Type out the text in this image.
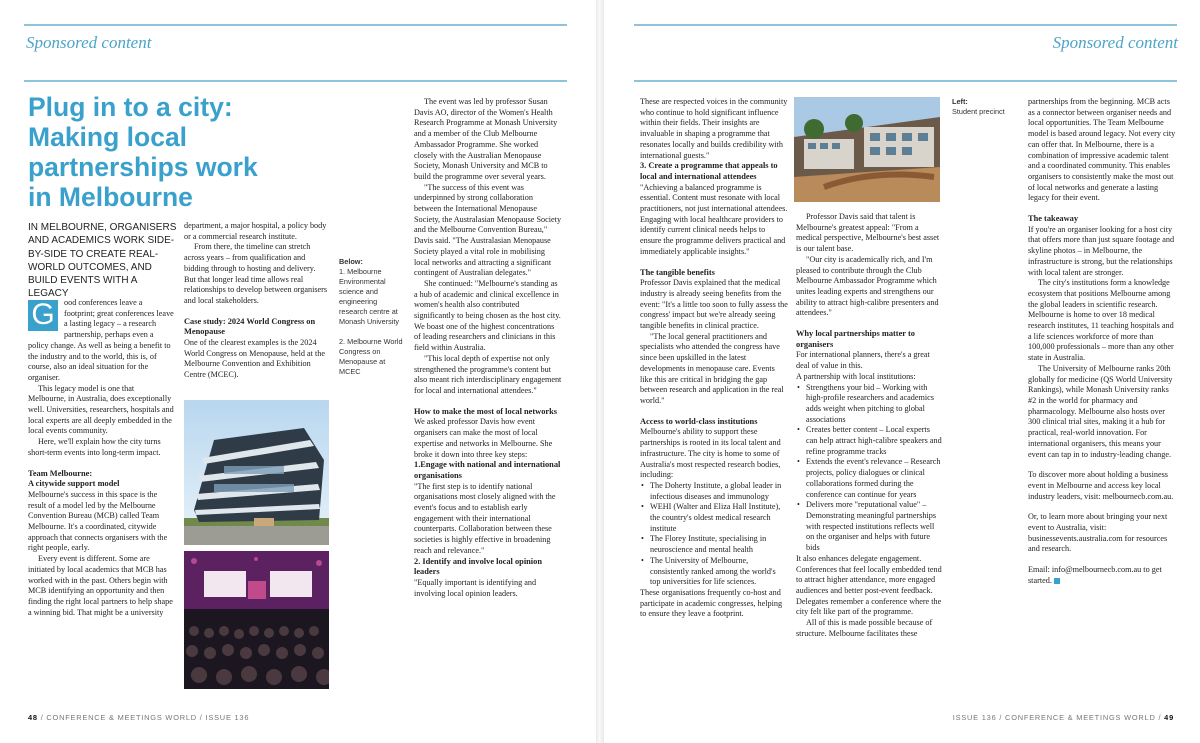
Sponsored content
Plug in to a city: Making local partnerships work in Melbourne
IN MELBOURNE, ORGANISERS AND ACADEMICS WORK SIDE-BY-SIDE TO CREATE REAL-WORLD OUTCOMES, AND BUILD EVENTS WITH A LEGACY

G	ood conferences leave a footprint; great conferences leave a lasting legacy – a research partnership, perhaps even a policy change. As well as being a benefit to the industry and to the world, this is, of course, also an ideal situation for the organiser.

This legacy model is one that Melbourne, in Australia, does exceptionally well. Universities, researchers, hospitals and local experts are all deeply embedded in the local events community.

Here, we'll explain how the city turns short-term events into long-term impact.

Team Melbourne:
A citywide support model

Melbourne's success in this space is the result of a model led by the Melbourne Convention Bureau (MCB) called Team Melbourne. It's a coordinated, citywide approach that connects organisers with the right people, early.

Every event is different. Some are initiated by local academics that MCB has worked with in the past. Others begin with MCB identifying an opportunity and then finding the right local partners to help shape a winning bid. That might be a university

department, a major hospital, a policy body or a commercial research institute.

From there, the timeline can stretch across years – from qualification and bidding through to hosting and delivery. But that longer lead time allows real relationships to develop between organisers and local stakeholders.

Case study: 2024 World Congress on Menopause

One of the clearest examples is the 2024 World Congress on Menopause, held at the Melbourne Convention and Exhibition Centre (MCEC).

Below:
1. Melbourne Environmental science and engineering research centre at Monash University

2. Melbourne World Congress on Menopause at MCEC

The event was led by professor Susan Davis AO, director of the Women's Health Research Programme at Monash University and a member of the Club Melbourne Ambassador Programme. She worked closely with the Australian Menopause Society, Monash University and MCB to build the programme over several years.

"The success of this event was underpinned by strong collaboration between the International Menopause Society, the Australasian Menopause Society and the Melbourne Convention Bureau," Davis said. "The Australasian Menopause Society played a vital role in mobilising local networks and attracting a significant contingent of Australian delegates."

She continued: "Melbourne's standing as a hub of academic and clinical excellence in women's health also contributed significantly to being chosen as the host city. We boast one of the highest concentrations of leading researchers and clinicians in this field within Australia.

"This local depth of expertise not only strengthened the programme's content but also meant rich interdisciplinary engagement for local and international attendees."

How to make the most of local networks

We asked professor Davis how event organisers can make the most of local expertise and networks in Melbourne. She broke it down into three key steps:

1.Engage with national and international organisations

"The first step is to identify national organisations most closely aligned with the event's focus and to establish early engagement with their international counterparts. Collaboration between these societies is highly effective in broadening reach and relevance."

2. Identify and involve local opinion leaders

"Equally important is identifying and involving local opinion leaders.

48 / CONFERENCE & MEETINGS WORLD / ISSUE 136
Sponsored content

These are respected voices in the community who continue to hold significant influence within their fields. Their insights are invaluable in shaping a programme that resonates locally and builds credibility with international guests."

3. Create a programme that appeals to local and international attendees

"Achieving a balanced programme is essential. Content must resonate with local practitioners, not just international attendees. Engaging with local healthcare providers to identify current clinical needs helps to ensure the programme delivers practical and immediately applicable insights."

The tangible benefits

Professor Davis explained that the medical industry is already seeing benefits from the event: "It's a little too soon to fully assess the congress' impact but we're already seeing tangible benefits in clinical practice.

"The local general practitioners and specialists who attended the congress have since been upskilled in the latest developments in menopause care. Events like this are critical in bridging the gap between research and application in the real world."

Access to world-class institutions

Melbourne's ability to support these partnerships is rooted in its local talent and infrastructure. The city is home to some of Australia's most respected research bodies, including:

• The Doherty Institute, a global leader in infectious diseases and immunology
• WEHI (Walter and Eliza Hall Institute), the country's oldest medical research institute
• The Florey Institute, specialising in neuroscience and mental health
• The University of Melbourne, consistently ranked among the world's top universities for life sciences.

These organisations frequently co-host and participate in academic congresses, helping to ensure they leave a footprint.

Left:
Student precinct

Professor Davis said that talent is Melbourne's greatest appeal: "From a medical perspective, Melbourne's best asset is our talent base.

"Our city is academically rich, and I'm pleased to contribute through the Club Melbourne Ambassador Programme which unites leading experts and strengthens our ability to attract high-calibre presenters and attendees."

Why local partnerships matter to organisers

For international planners, there's a great deal of value in this.

A partnership with local institutions:

• Strengthens your bid – Working with high-profile researchers and academics adds weight when pitching to global associations
• Creates better content – Local experts can help attract high-calibre speakers and refine programme tracks
• Extends the event's relevance – Research projects, policy dialogues or clinical collaborations formed during the conference can continue for years
• Delivers more "reputational value" – Demonstrating meaningful partnerships with respected institutions reflects well on the organiser and helps with future bids

It also enhances delegate engagement. Conferences that feel locally embedded tend to attract higher attendance, more engaged audiences and better post-event feedback. Delegates remember a conference where the city felt like part of the programme.

All of this is made possible because of structure. Melbourne facilitates these

partnerships from the beginning. MCB acts as a connector between organiser needs and local opportunities. The Team Melbourne model is based around legacy. Not every city can offer that. In Melbourne, there is a combination of impressive academic talent and a coordinated community. This enables organisers to consistently make the most out of local networks and generate a lasting legacy for their event.

The takeaway

If you're an organiser looking for a host city that offers more than just square footage and skyline photos – in Melbourne, the infrastructure is strong, but the relationships with local talent are stronger.

The city's institutions form a knowledge ecosystem that positions Melbourne among the global leaders in scientific research. Melbourne is home to over 18 medical research institutes, 11 teaching hospitals and a life sciences workforce of more than 100,000 professionals – more than any other state in Australia.

The University of Melbourne ranks 20th globally for medicine (QS World University Rankings), while Monash University ranks #2 in the world for pharmacy and pharmacology. Melbourne also hosts over 300 clinical trial sites, making it a hub for practical, real-world innovation. For international organisers, this means your event can tap in to industry-leading change.

To discover more about holding a business event in Melbourne and access key local industry leaders, visit: melbournecb.com.au.

Or, to learn more about bringing your next event to Australia, visit: businessevents.australia.com for resources and research.

Email: info@melbournecb.com.au to get started.

ISSUE 136 / CONFERENCE & MEETINGS WORLD / 49
